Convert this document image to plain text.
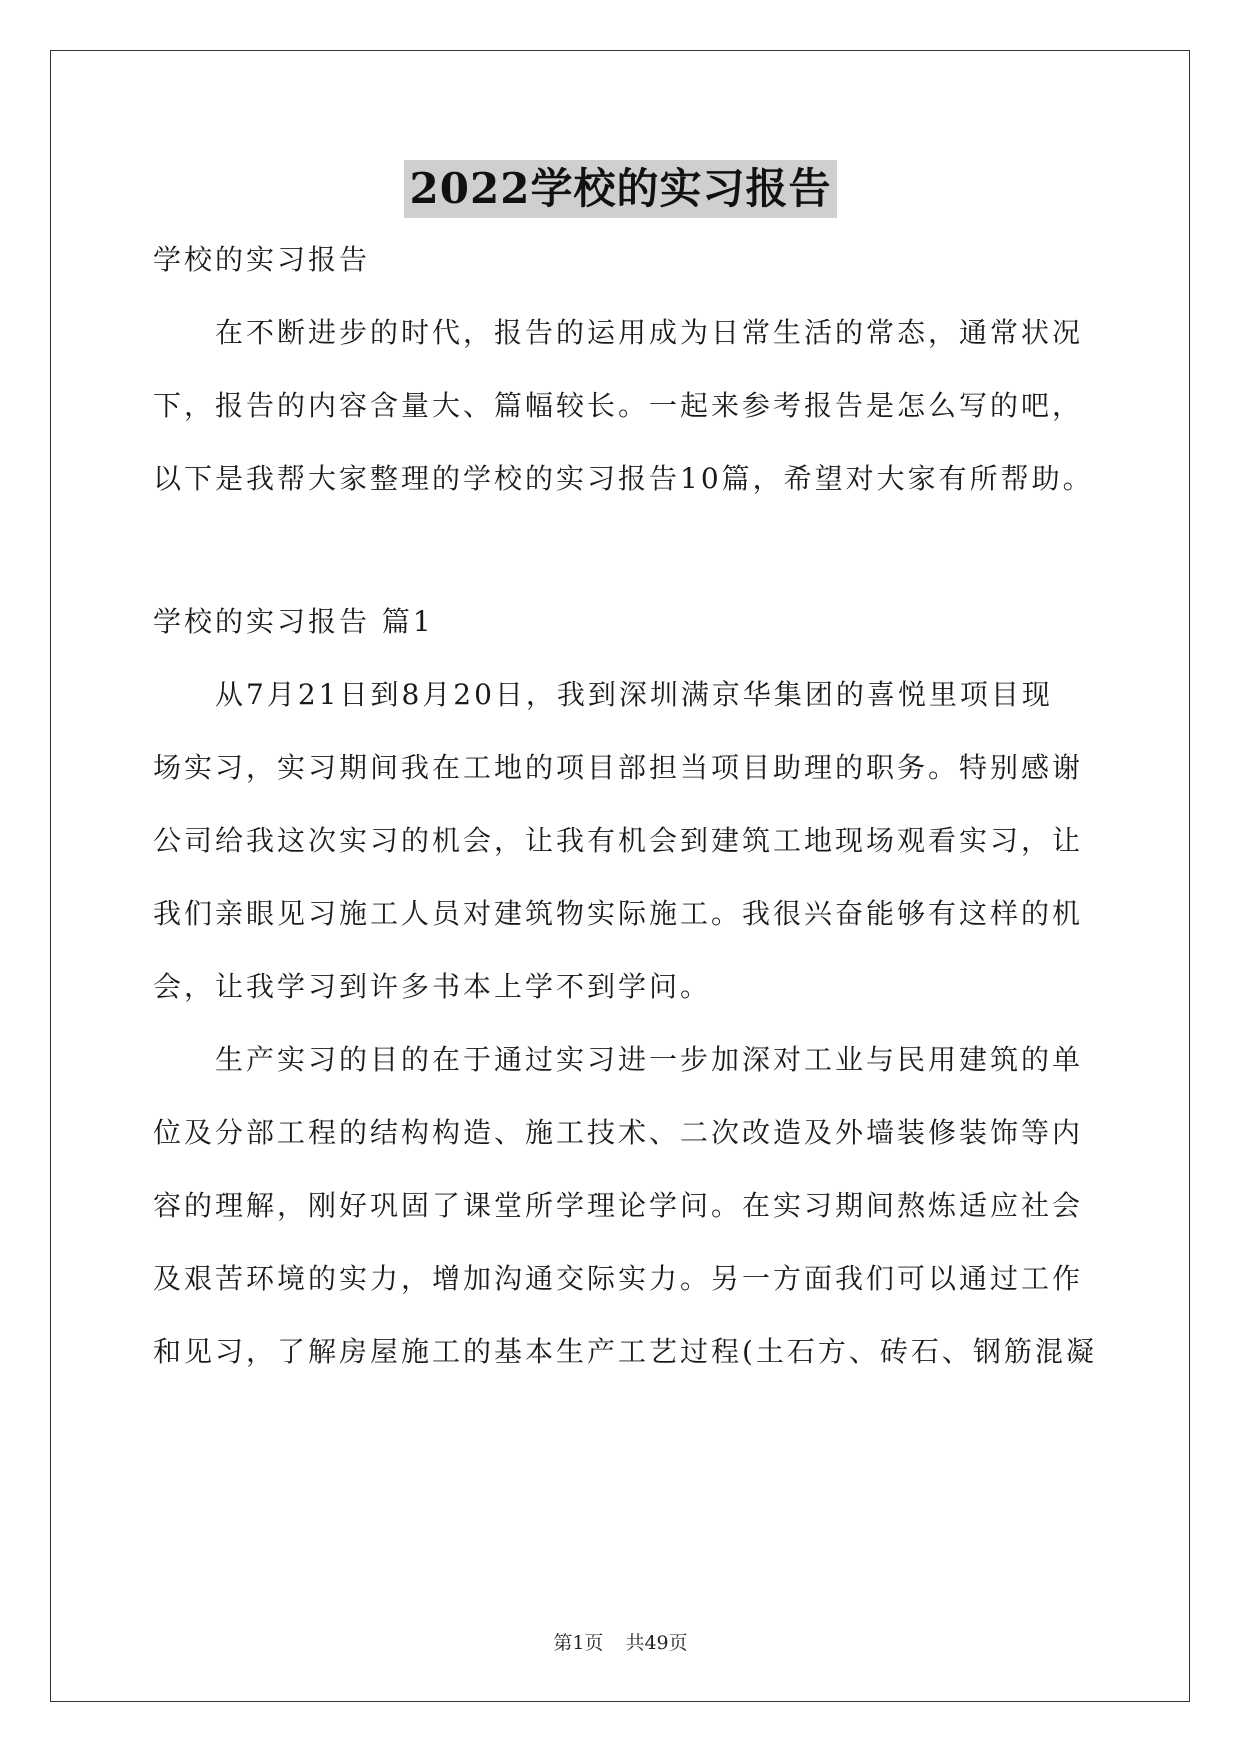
2022学校的实习报告
学校的实习报告
在不断进步的时代，报告的运用成为日常生活的常态，通常状况
下，报告的内容含量大、篇幅较长。一起来参考报告是怎么写的吧，
以下是我帮大家整理的学校的实习报告10篇，希望对大家有所帮助。
学校的实习报告 篇1
从7月21日到8月20日，我到深圳满京华集团的喜悦里项目现
场实习，实习期间我在工地的项目部担当项目助理的职务。特别感谢
公司给我这次实习的机会，让我有机会到建筑工地现场观看实习，让
我们亲眼见习施工人员对建筑物实际施工。我很兴奋能够有这样的机
会，让我学习到许多书本上学不到学问。
生产实习的目的在于通过实习进一步加深对工业与民用建筑的单
位及分部工程的结构构造、施工技术、二次改造及外墙装修装饰等内
容的理解，刚好巩固了课堂所学理论学问。在实习期间熬炼适应社会
及艰苦环境的实力，增加沟通交际实力。另一方面我们可以通过工作
和见习，了解房屋施工的基本生产工艺过程(土石方、砖石、钢筋混凝
第1页 共49页
